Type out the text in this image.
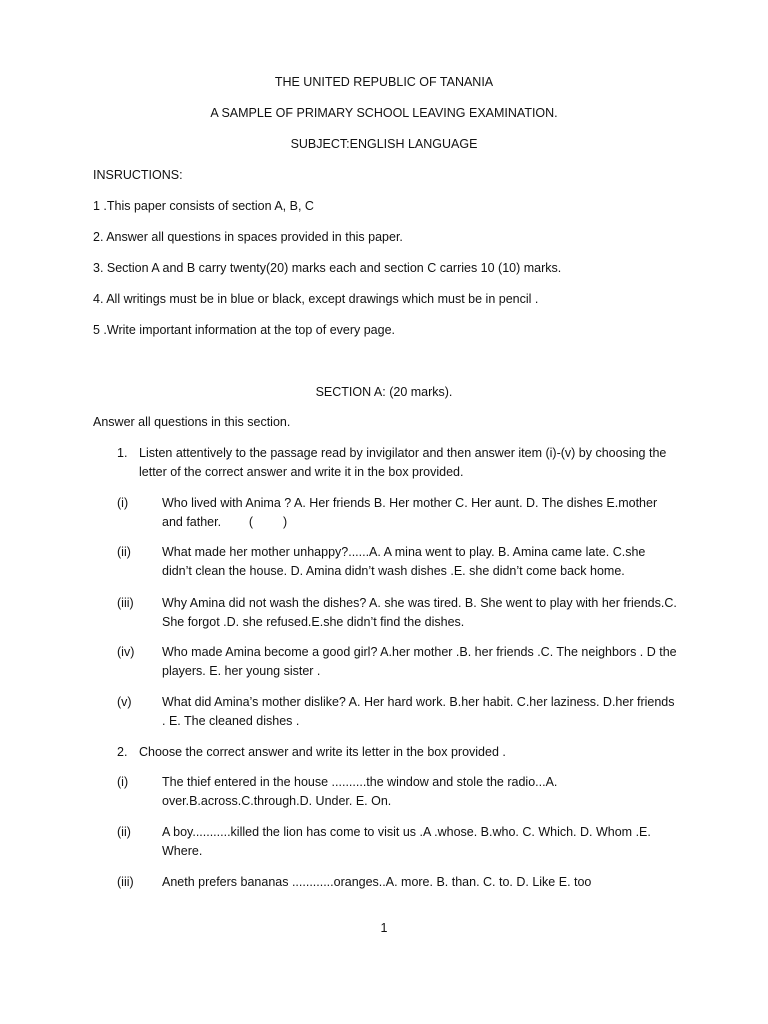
THE UNITED REPUBLIC OF TANANIA
A SAMPLE OF PRIMARY SCHOOL LEAVING EXAMINATION.
SUBJECT:ENGLISH LANGUAGE
INSRUCTIONS:
1 .This paper consists of section A, B, C
2. Answer all questions in spaces provided in this paper.
3. Section A and B carry twenty(20) marks each and section C carries 10 (10) marks.
4. All writings must be in blue or black, except drawings which must be in pencil .
5 .Write important information at the top of every page.
SECTION A: (20 marks).
Answer all questions in this section.
1. Listen attentively to the passage read by invigilator and then answer item (i)-(v) by choosing the letter of the correct answer and write it in the box provided.
(i)	Who lived with Anima ? A. Her friends B. Her mother C. Her aunt. D. The dishes E.mother and father. ( )
(ii) What made her mother unhappy?......A. A mina went to play. B. Amina came late. C.she didn’t clean the house. D. Amina didn’t wash dishes .E. she didn’t come back home.
(iii) Why Amina did not wash the dishes? A. she was tired. B. She went to play with her friends.C. She forgot .D. she refused.E.she didn’t find the dishes.
(iv) Who made Amina become a good girl? A.her mother .B. her friends .C. The neighbors . D the players. E. her young sister .
(v) What did Amina’s mother dislike? A. Her hard work. B.her habit. C.her laziness. D.her friends . E. The cleaned dishes .
2. Choose the correct answer and write its letter in the box provided .
(i)	The thief entered in the house ..........the window and stole the radio...A. over.B.across.C.through.D. Under. E. On.
(ii) A boy...........killed the lion has come to visit us .A .whose. B.who. C. Which. D. Whom .E. Where.
(iii) Aneth prefers bananas ............oranges..A. more. B. than. C. to. D. Like E. too
1
